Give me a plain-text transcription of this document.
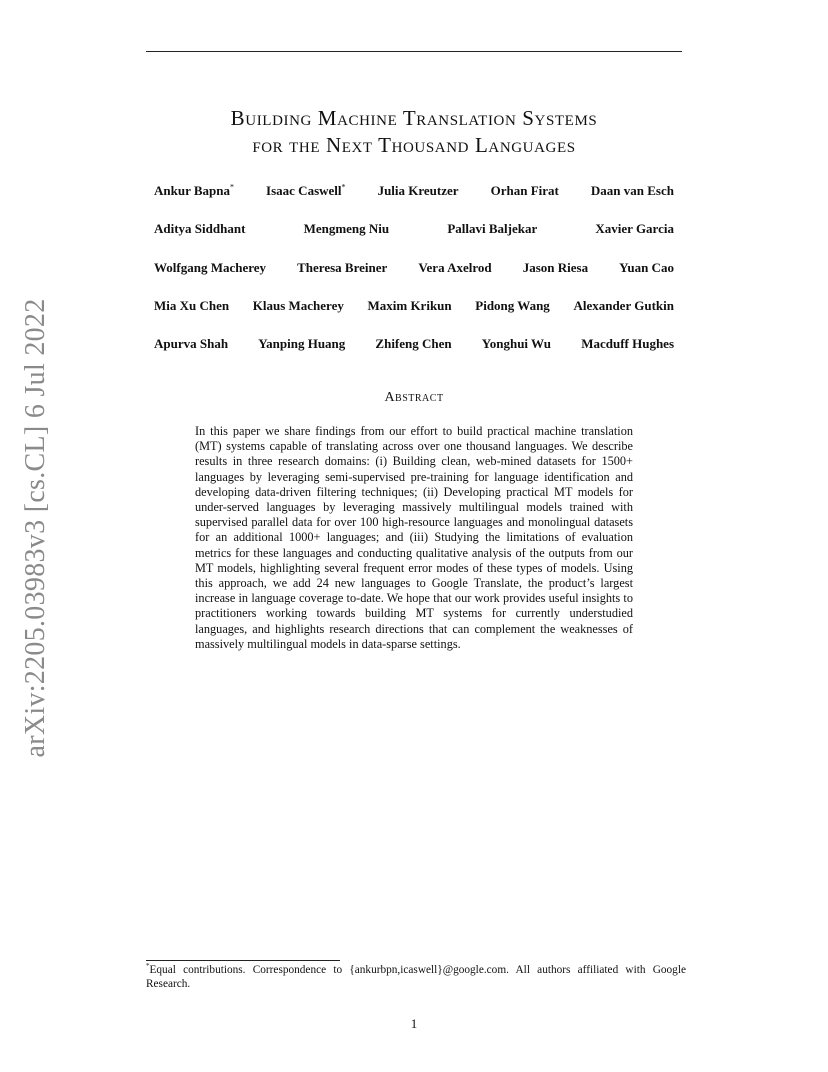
arXiv:2205.03983v3 [cs.CL] 6 Jul 2022
Building Machine Translation Systems
for the Next Thousand Languages
Ankur Bapna* Isaac Caswell* Julia Kreutzer Orhan Firat Daan van Esch
Aditya Siddhant	Mengmeng Niu	Pallavi Baljekar	Xavier Garcia
Wolfgang Macherey Theresa Breiner Vera Axelrod Jason Riesa Yuan Cao
Mia Xu Chen Klaus Macherey Maxim Krikun Pidong Wang Alexander Gutkin
Apurva Shah Yanping Huang Zhifeng Chen Yonghui Wu Macduff Hughes
Abstract
In this paper we share findings from our effort to build practical machine translation (MT) systems capable of translating across over one thousand languages. We describe results in three research domains: (i) Building clean, web-mined datasets for 1500+ languages by leveraging semi-supervised pre-training for language identification and developing data-driven filtering techniques; (ii) Developing practical MT models for under-served languages by leveraging massively multilingual models trained with supervised parallel data for over 100 high-resource languages and monolingual datasets for an additional 1000+ languages; and (iii) Studying the limitations of evaluation metrics for these languages and conducting qualitative analysis of the outputs from our MT models, highlighting several frequent error modes of these types of models. Using this approach, we add 24 new languages to Google Translate, the product’s largest increase in language coverage to-date. We hope that our work provides useful insights to practitioners working towards building MT systems for currently understudied languages, and highlights research directions that can complement the weaknesses of massively multilingual models in data-sparse settings.
*Equal contributions. Correspondence to {ankurbpn,icaswell}@google.com. All authors affiliated with Google Research.
1
